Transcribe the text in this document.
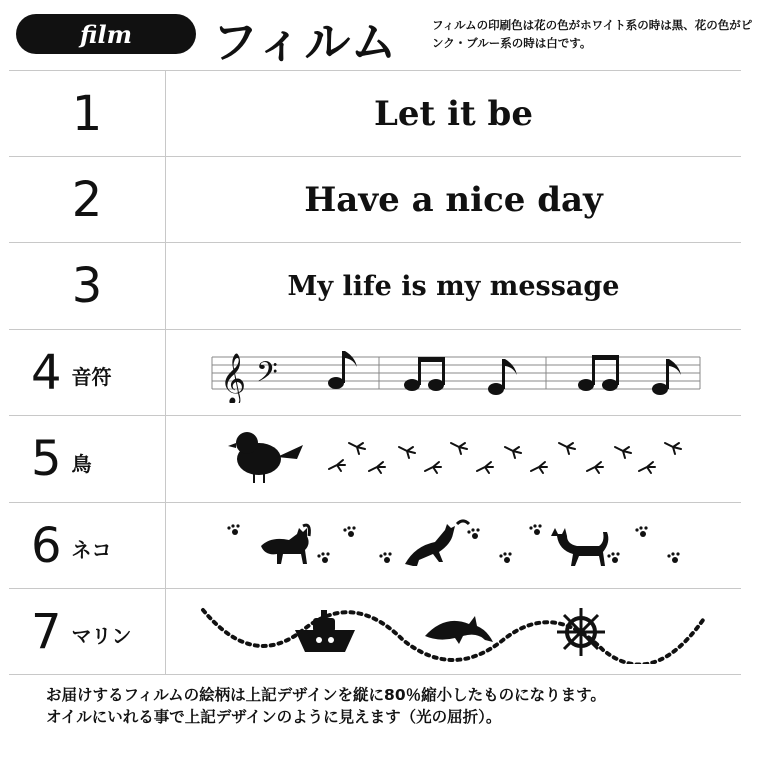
film フィルム	フィルムの印刷色は花の色がホワイト系の時は黒、花の色がピンク・ブルー系の時は白です。
1	Let it be

2	Have a nice day

3	My life is my message

4 音符	𝄞 𝄢

5 鳥

6 ネコ

7 マリン

お届けするフィルムの絵柄は上記デザインを縦に80％縮小したものになります。
オイルにいれる事で上記デザインのように見えます（光の屈折）。
